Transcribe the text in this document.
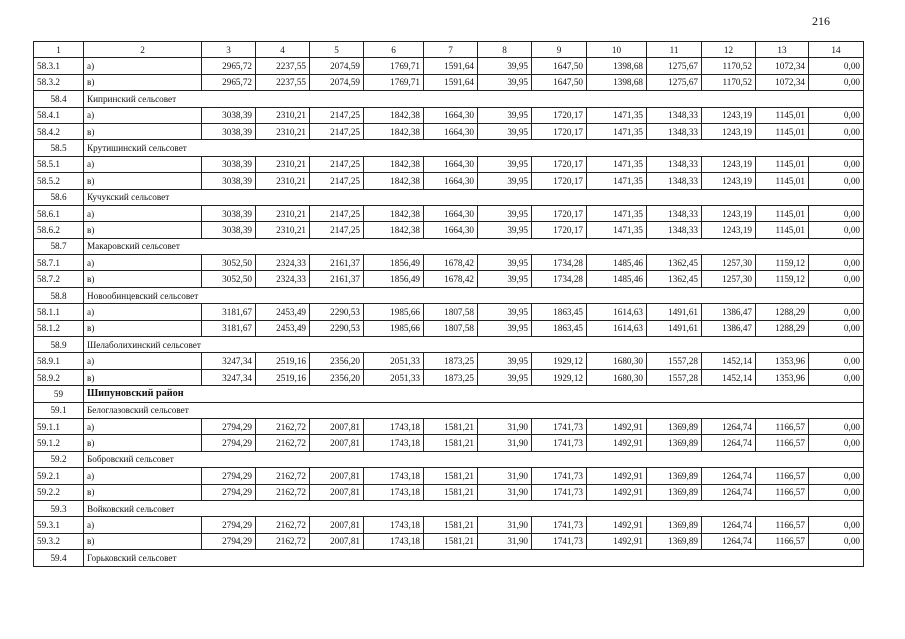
216
1	2	3	4	5	6	7	8	9	10	11	12	13	14
58.3.1	а)	2965,72	2237,55	2074,59	1769,71	1591,64	39,95	1647,50	1398,68	1275,67	1170,52	1072,34	0,00
58.3.2	в)	2965,72	2237,55	2074,59	1769,71	1591,64	39,95	1647,50	1398,68	1275,67	1170,52	1072,34	0,00
58.4	Кипринский сельсовет												
58.4.1	а)	3038,39	2310,21	2147,25	1842,38	1664,30	39,95	1720,17	1471,35	1348,33	1243,19	1145,01	0,00
58.4.2	в)	3038,39	2310,21	2147,25	1842,38	1664,30	39,95	1720,17	1471,35	1348,33	1243,19	1145,01	0,00
58.5	Крутишинский сельсовет												
58.5.1	а)	3038,39	2310,21	2147,25	1842,38	1664,30	39,95	1720,17	1471,35	1348,33	1243,19	1145,01	0,00
58.5.2	в)	3038,39	2310,21	2147,25	1842,38	1664,30	39,95	1720,17	1471,35	1348,33	1243,19	1145,01	0,00
58.6	Кучукский сельсовет												
58.6.1	а)	3038,39	2310,21	2147,25	1842,38	1664,30	39,95	1720,17	1471,35	1348,33	1243,19	1145,01	0,00
58.6.2	в)	3038,39	2310,21	2147,25	1842,38	1664,30	39,95	1720,17	1471,35	1348,33	1243,19	1145,01	0,00
58.7	Макаровский сельсовет												
58.7.1	а)	3052,50	2324,33	2161,37	1856,49	1678,42	39,95	1734,28	1485,46	1362,45	1257,30	1159,12	0,00
58.7.2	в)	3052,50	2324,33	2161,37	1856,49	1678,42	39,95	1734,28	1485,46	1362,45	1257,30	1159,12	0,00
58.8	Новообинцевский сельсовет												
58.1.1	а)	3181,67	2453,49	2290,53	1985,66	1807,58	39,95	1863,45	1614,63	1491,61	1386,47	1288,29	0,00
58.1.2	в)	3181,67	2453,49	2290,53	1985,66	1807,58	39,95	1863,45	1614,63	1491,61	1386,47	1288,29	0,00
58.9	Шелаболихинский сельсовет												
58.9.1	а)	3247,34	2519,16	2356,20	2051,33	1873,25	39,95	1929,12	1680,30	1557,28	1452,14	1353,96	0,00
58.9.2	в)	3247,34	2519,16	2356,20	2051,33	1873,25	39,95	1929,12	1680,30	1557,28	1452,14	1353,96	0,00
59	Шипуновский район												
59.1	Белоглазовский сельсовет												
59.1.1	а)	2794,29	2162,72	2007,81	1743,18	1581,21	31,90	1741,73	1492,91	1369,89	1264,74	1166,57	0,00
59.1.2	в)	2794,29	2162,72	2007,81	1743,18	1581,21	31,90	1741,73	1492,91	1369,89	1264,74	1166,57	0,00
59.2	Бобровский сельсовет												
59.2.1	а)	2794,29	2162,72	2007,81	1743,18	1581,21	31,90	1741,73	1492,91	1369,89	1264,74	1166,57	0,00
59.2.2	в)	2794,29	2162,72	2007,81	1743,18	1581,21	31,90	1741,73	1492,91	1369,89	1264,74	1166,57	0,00
59.3	Войковский сельсовет												
59.3.1	а)	2794,29	2162,72	2007,81	1743,18	1581,21	31,90	1741,73	1492,91	1369,89	1264,74	1166,57	0,00
59.3.2	в)	2794,29	2162,72	2007,81	1743,18	1581,21	31,90	1741,73	1492,91	1369,89	1264,74	1166,57	0,00
59.4	Горьковский сельсовет												
